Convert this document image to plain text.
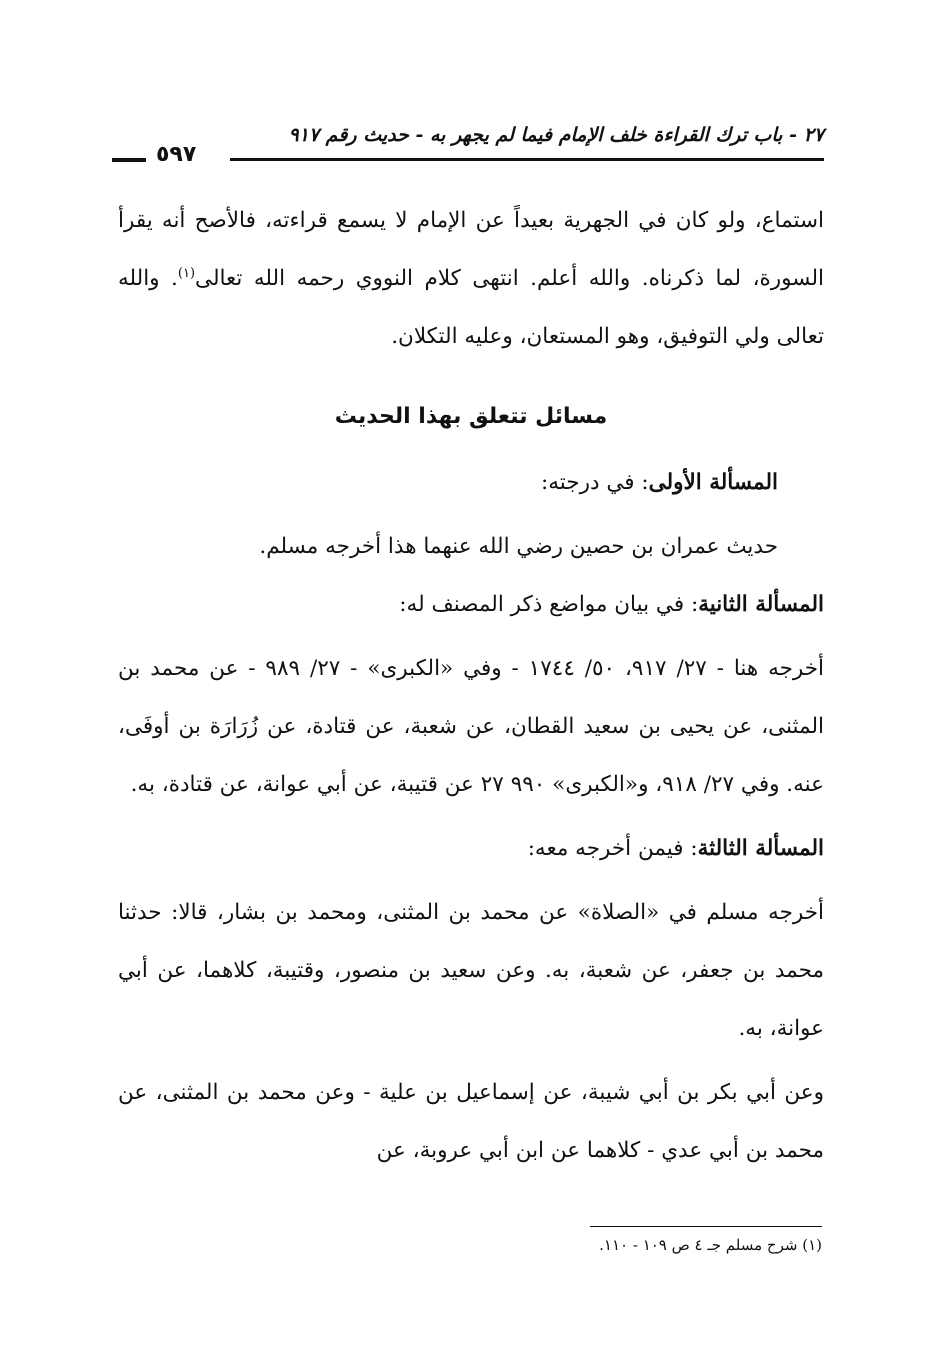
٢٧ - باب ترك القراءة خلف الإمام فيما لم يجهر به - حديث رقم ٩١٧
٥٩٧

استماع، ولو كان في الجهرية بعيداً عن الإمام لا يسمع قراءته، فالأصح أنه يقرأ السورة، لما ذكرناه. والله أعلم. انتهى كلام النووي رحمه الله تعالى$^{(١)}$. والله تعالى ولي التوفيق، وهو المستعان، وعليه التكلان.

مسائل تتعلق بهذا الحديث

المسألة الأولى: في درجته:

حديث عمران بن حصين رضي الله عنهما هذا أخرجه مسلم.

المسألة الثانية: في بيان مواضع ذكر المصنف له:

أخرجه هنا - ٢٧/ ٩١٧، ٥٠/ ١٧٤٤ - وفي «الكبرى» - ٢٧/ ٩٨٩ - عن محمد بن المثنى، عن يحيى بن سعيد القطان، عن شعبة، عن قتادة، عن زُرَارَة بن أوفَى، عنه. وفي ٢٧/ ٩١٨، و«الكبرى» ٩٩٠ ٢٧ عن قتيبة، عن أبي عوانة، عن قتادة، به.

المسألة الثالثة: فيمن أخرجه معه:

أخرجه مسلم في «الصلاة» عن محمد بن المثنى، ومحمد بن بشار، قالا: حدثنا محمد بن جعفر، عن شعبة، به. وعن سعيد بن منصور، وقتيبة، كلاهما، عن أبي عوانة، به.

وعن أبي بكر بن أبي شيبة، عن إسماعيل بن علية - وعن محمد بن المثنى، عن محمد بن أبي عدي - كلاهما عن ابن أبي عروبة، عن

(١) شرح مسلم جـ ٤ ص ١٠٩ - ١١٠.
